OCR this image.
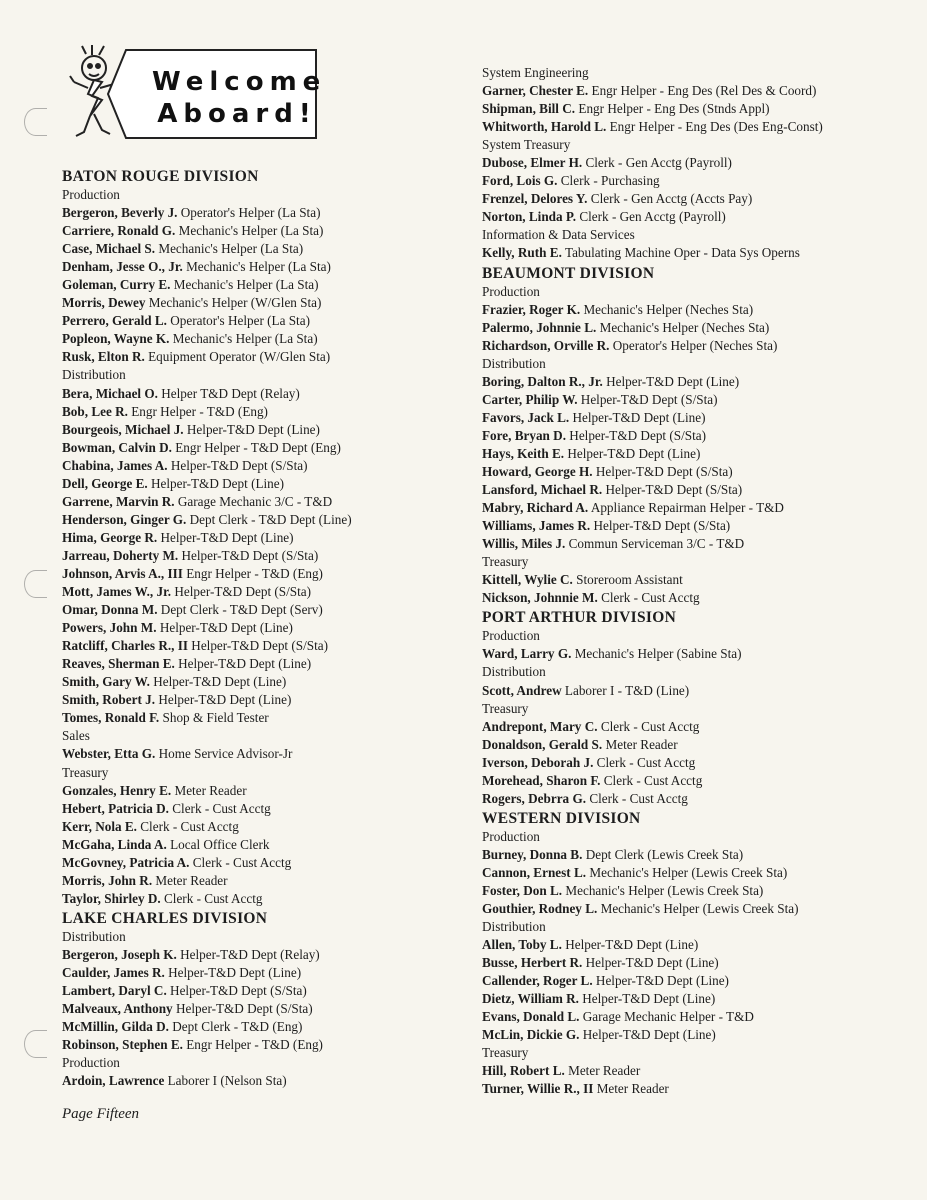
Welcome
Aboard!
BATON ROUGE DIVISION
Production
Bergeron, Beverly J. Operator's Helper (La Sta)
Carriere, Ronald G. Mechanic's Helper (La Sta)
Case, Michael S. Mechanic's Helper (La Sta)
Denham, Jesse O., Jr. Mechanic's Helper (La Sta)
Goleman, Curry E. Mechanic's Helper (La Sta)
Morris, Dewey Mechanic's Helper (W/Glen Sta)
Perrero, Gerald L. Operator's Helper (La Sta)
Popleon, Wayne K. Mechanic's Helper (La Sta)
Rusk, Elton R. Equipment Operator (W/Glen Sta)
Distribution
Bera, Michael O. Helper T&D Dept (Relay)
Bob, Lee R. Engr Helper - T&D (Eng)
Bourgeois, Michael J. Helper-T&D Dept (Line)
Bowman, Calvin D. Engr Helper - T&D Dept (Eng)
Chabina, James A. Helper-T&D Dept (S/Sta)
Dell, George E. Helper-T&D Dept (Line)
Garrene, Marvin R. Garage Mechanic 3/C - T&D
Henderson, Ginger G. Dept Clerk - T&D Dept (Line)
Hima, George R. Helper-T&D Dept (Line)
Jarreau, Doherty M. Helper-T&D Dept (S/Sta)
Johnson, Arvis A., III Engr Helper - T&D (Eng)
Mott, James W., Jr. Helper-T&D Dept (S/Sta)
Omar, Donna M. Dept Clerk - T&D Dept (Serv)
Powers, John M. Helper-T&D Dept (Line)
Ratcliff, Charles R., II Helper-T&D Dept (S/Sta)
Reaves, Sherman E. Helper-T&D Dept (Line)
Smith, Gary W. Helper-T&D Dept (Line)
Smith, Robert J. Helper-T&D Dept (Line)
Tomes, Ronald F. Shop & Field Tester
Sales
Webster, Etta G. Home Service Advisor-Jr
Treasury
Gonzales, Henry E. Meter Reader
Hebert, Patricia D. Clerk - Cust Acctg
Kerr, Nola E. Clerk - Cust Acctg
McGaha, Linda A. Local Office Clerk
McGovney, Patricia A. Clerk - Cust Acctg
Morris, John R. Meter Reader
Taylor, Shirley D. Clerk - Cust Acctg
LAKE CHARLES DIVISION
Distribution
Bergeron, Joseph K. Helper-T&D Dept (Relay)
Caulder, James R. Helper-T&D Dept (Line)
Lambert, Daryl C. Helper-T&D Dept (S/Sta)
Malveaux, Anthony Helper-T&D Dept (S/Sta)
McMillin, Gilda D. Dept Clerk - T&D (Eng)
Robinson, Stephen E. Engr Helper - T&D (Eng)
Production
Ardoin, Lawrence Laborer I (Nelson Sta)
System Engineering
Garner, Chester E. Engr Helper - Eng Des (Rel Des & Coord)
Shipman, Bill C. Engr Helper - Eng Des (Stnds Appl)
Whitworth, Harold L. Engr Helper - Eng Des (Des Eng-Const)
System Treasury
Dubose, Elmer H. Clerk - Gen Acctg (Payroll)
Ford, Lois G. Clerk - Purchasing
Frenzel, Delores Y. Clerk - Gen Acctg (Accts Pay)
Norton, Linda P. Clerk - Gen Acctg (Payroll)
Information & Data Services
Kelly, Ruth E. Tabulating Machine Oper - Data Sys Operns
BEAUMONT DIVISION
Production
Frazier, Roger K. Mechanic's Helper (Neches Sta)
Palermo, Johnnie L. Mechanic's Helper (Neches Sta)
Richardson, Orville R. Operator's Helper (Neches Sta)
Distribution
Boring, Dalton R., Jr. Helper-T&D Dept (Line)
Carter, Philip W. Helper-T&D Dept (S/Sta)
Favors, Jack L. Helper-T&D Dept (Line)
Fore, Bryan D. Helper-T&D Dept (S/Sta)
Hays, Keith E. Helper-T&D Dept (Line)
Howard, George H. Helper-T&D Dept (S/Sta)
Lansford, Michael R. Helper-T&D Dept (S/Sta)
Mabry, Richard A. Appliance Repairman Helper - T&D
Williams, James R. Helper-T&D Dept (S/Sta)
Willis, Miles J. Commun Serviceman 3/C - T&D
Treasury
Kittell, Wylie C. Storeroom Assistant
Nickson, Johnnie M. Clerk - Cust Acctg
PORT ARTHUR DIVISION
Production
Ward, Larry G. Mechanic's Helper (Sabine Sta)
Distribution
Scott, Andrew Laborer I - T&D (Line)
Treasury
Andrepont, Mary C. Clerk - Cust Acctg
Donaldson, Gerald S. Meter Reader
Iverson, Deborah J. Clerk - Cust Acctg
Morehead, Sharon F. Clerk - Cust Acctg
Rogers, Debrra G. Clerk - Cust Acctg
WESTERN DIVISION
Production
Burney, Donna B. Dept Clerk (Lewis Creek Sta)
Cannon, Ernest L. Mechanic's Helper (Lewis Creek Sta)
Foster, Don L. Mechanic's Helper (Lewis Creek Sta)
Gouthier, Rodney L. Mechanic's Helper (Lewis Creek Sta)
Distribution
Allen, Toby L. Helper-T&D Dept (Line)
Busse, Herbert R. Helper-T&D Dept (Line)
Callender, Roger L. Helper-T&D Dept (Line)
Dietz, William R. Helper-T&D Dept (Line)
Evans, Donald L. Garage Mechanic Helper - T&D
McLin, Dickie G. Helper-T&D Dept (Line)
Treasury
Hill, Robert L. Meter Reader
Turner, Willie R., II Meter Reader
Page Fifteen
